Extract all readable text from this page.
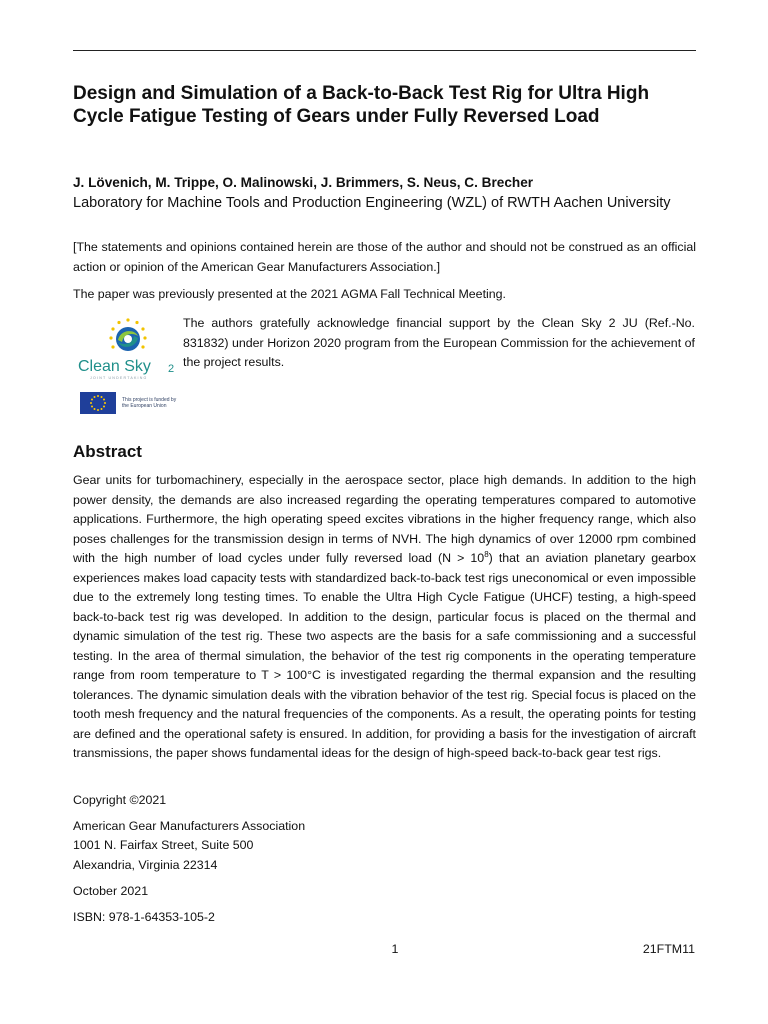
Design and Simulation of a Back-to-Back Test Rig for Ultra High Cycle Fatigue Testing of Gears under Fully Reversed Load

J. Lövenich, M. Trippe, O. Malinowski, J. Brimmers, S. Neus, C. Brecher

Laboratory for Machine Tools and Production Engineering (WZL) of RWTH Aachen University

[The statements and opinions contained herein are those of the author and should not be construed as an official action or opinion of the American Gear Manufacturers Association.]

The paper was previously presented at the 2021 AGMA Fall Technical Meeting.

Clean Sky 2
JOINT UNDERTAKING
This project is funded by the European Union

The authors gratefully acknowledge financial support by the Clean Sky 2 JU (Ref.-No. 831832) under Horizon 2020 program from the European Commission for the achievement of the project results.

Abstract

Gear units for turbomachinery, especially in the aerospace sector, place high demands. In addition to the high power density, the demands are also increased regarding the operating temperatures compared to automotive applications. Furthermore, the high operating speed excites vibrations in the higher frequency range, which also poses challenges for the transmission design in terms of NVH. The high dynamics of over 12000 rpm combined with the high number of load cycles under fully reversed load $(N > 10^8)$ that an aviation planetary gearbox experiences makes load capacity tests with standardized back-to-back test rigs uneconomical or even impossible due to the extremely long testing times. To enable the Ultra High Cycle Fatigue (UHCF) testing, a high-speed back-to-back test rig was developed. In addition to the design, particular focus is placed on the thermal and dynamic simulation of the test rig. These two aspects are the basis for a safe commissioning and a successful testing. In the area of thermal simulation, the behavior of the test rig components in the operating temperature range from room temperature to T > 100°C is investigated regarding the thermal expansion and the resulting tolerances. The dynamic simulation deals with the vibration behavior of the test rig. Special focus is placed on the tooth mesh frequency and the natural frequencies of the components. As a result, the operating points for testing are defined and the operational safety is ensured. In addition, for providing a basis for the investigation of aircraft transmissions, the paper shows fundamental ideas for the design of high-speed back-to-back gear test rigs.

Copyright ©2021

American Gear Manufacturers Association

1001 N. Fairfax Street, Suite 500

Alexandria, Virginia 22314

October 2021

ISBN: 978-1-64353-105-2

1	21FTM11
